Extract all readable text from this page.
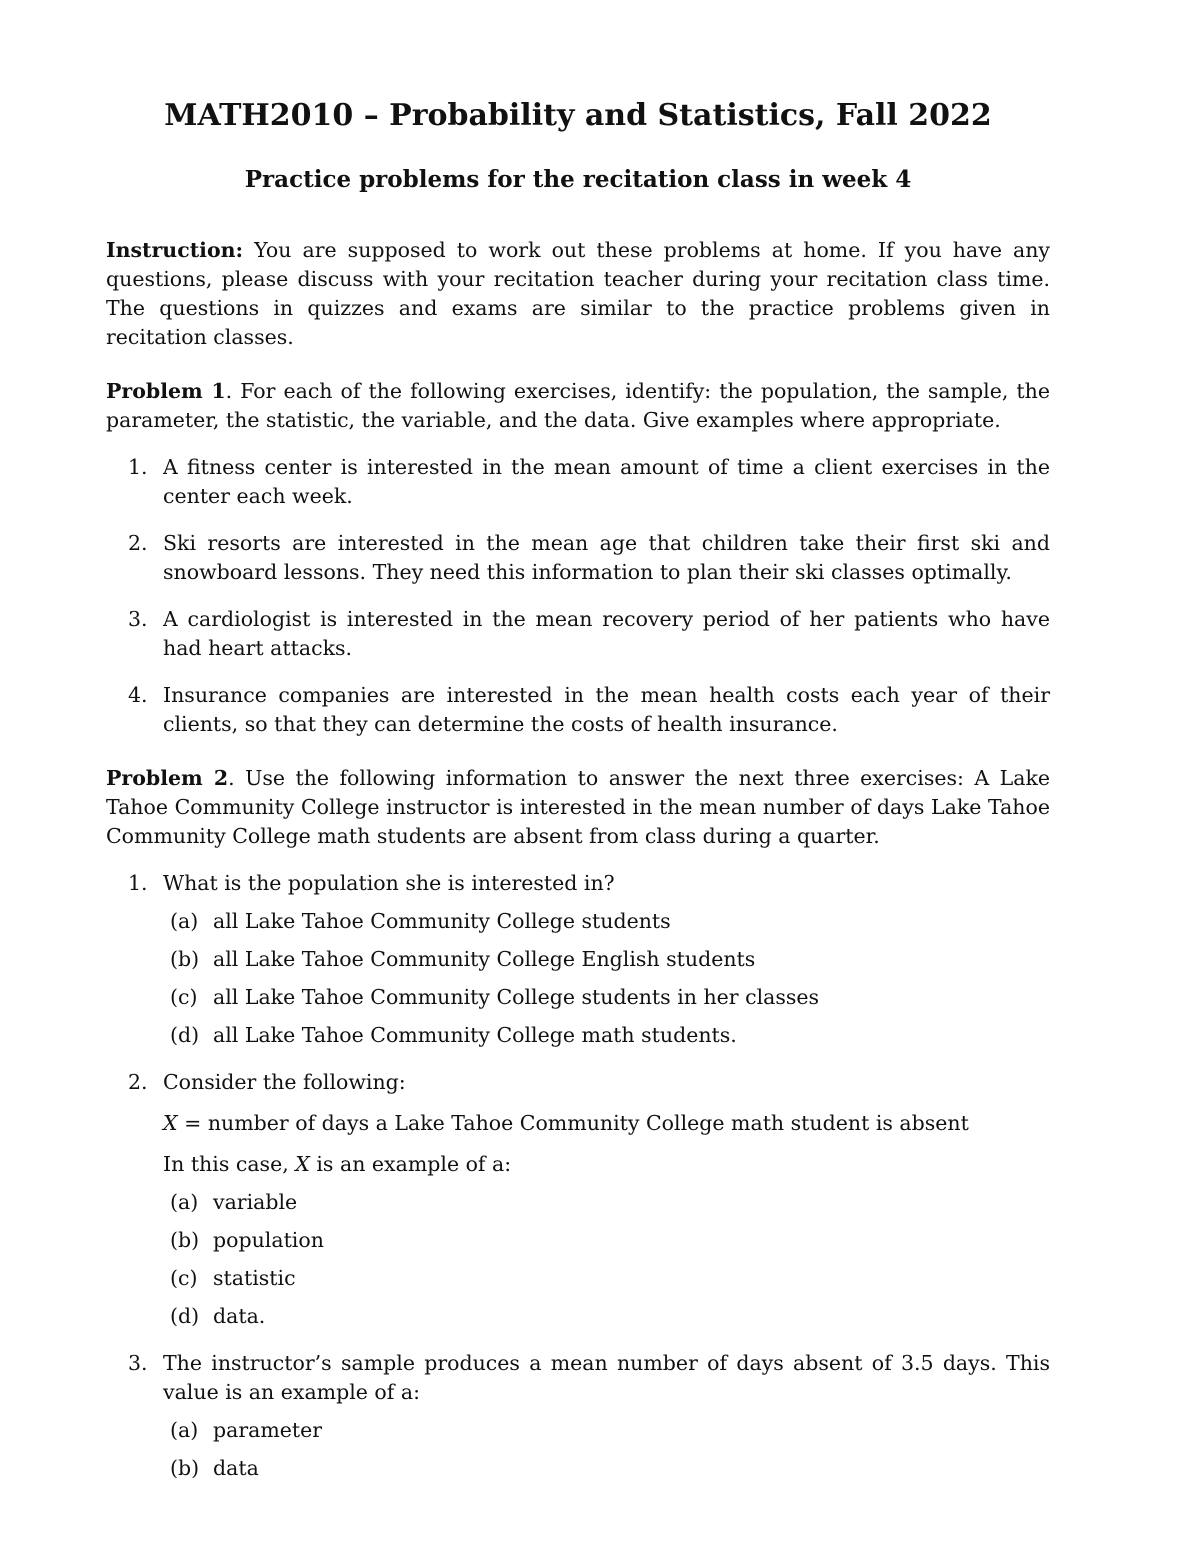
MATH2010 – Probability and Statistics, Fall 2022
Practice problems for the recitation class in week 4

Instruction: You are supposed to work out these problems at home. If you have any questions, please discuss with your recitation teacher during your recitation class time. The questions in quizzes and exams are similar to the practice problems given in recitation classes.

Problem 1. For each of the following exercises, identify: the population, the sample, the parameter, the statistic, the variable, and the data. Give examples where appropriate.

1. A fitness center is interested in the mean amount of time a client exercises in the center each week.
2. Ski resorts are interested in the mean age that children take their first ski and snowboard lessons. They need this information to plan their ski classes optimally.
3. A cardiologist is interested in the mean recovery period of her patients who have had heart attacks.
4. Insurance companies are interested in the mean health costs each year of their clients, so that they can determine the costs of health insurance.

Problem 2. Use the following information to answer the next three exercises: A Lake Tahoe Community College instructor is interested in the mean number of days Lake Tahoe Community College math students are absent from class during a quarter.

1. What is the population she is interested in?
(a) all Lake Tahoe Community College students
(b) all Lake Tahoe Community College English students
(c) all Lake Tahoe Community College students in her classes
(d) all Lake Tahoe Community College math students.
2. Consider the following:
X = number of days a Lake Tahoe Community College math student is absent
In this case, X is an example of a:
(a) variable
(b) population
(c) statistic
(d) data.
3. The instructor’s sample produces a mean number of days absent of 3.5 days. This value is an example of a:
(a) parameter
(b) data
